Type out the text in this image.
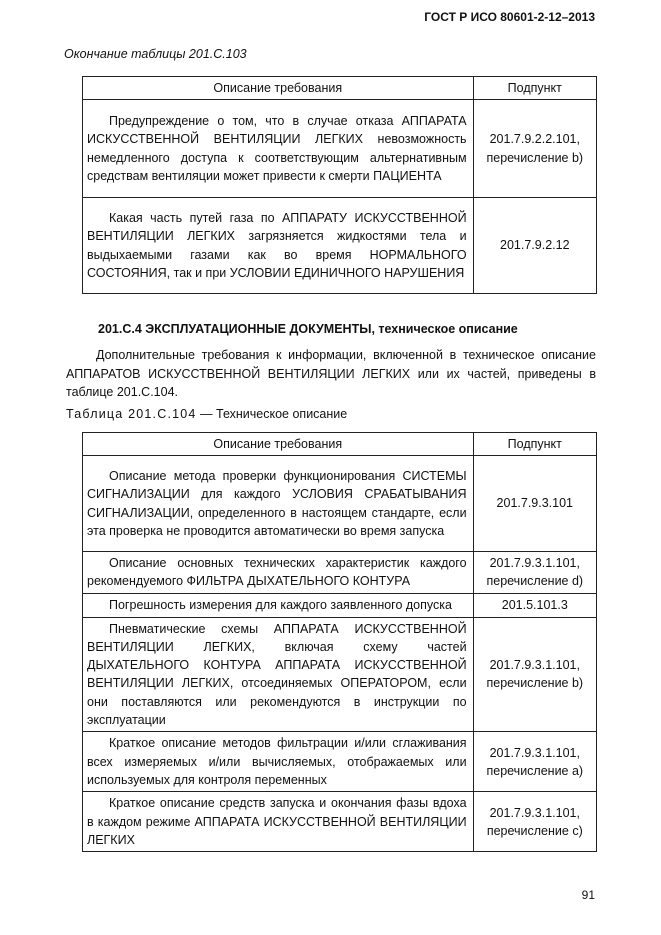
ГОСТ Р ИСО 80601-2-12–2013
Окончание таблицы 201.С.103
Описание требования	Подпункт
Предупреждение о том, что в случае отказа АППАРАТА ИСКУССТВЕННОЙ ВЕНТИЛЯЦИИ ЛЕГКИХ невозможность немедленного доступа к соответствующим альтернативным средствам вентиляции может привести к смерти ПАЦИЕНТА	201.7.9.2.2.101,
перечисление b)

Какая часть путей газа по АППАРАТУ ИСКУССТВЕННОЙ ВЕНТИЛЯЦИИ ЛЕГКИХ загрязняется жидкостями тела и выдыхаемыми газами как во время НОРМАЛЬНОГО СОСТОЯНИЯ, так и при УСЛОВИИ ЕДИНИЧНОГО НАРУШЕНИЯ	201.7.9.2.12
201.С.4 ЭКСПЛУАТАЦИОННЫЕ ДОКУМЕНТЫ, техническое описание
Дополнительные требования к информации, включенной в техническое описание АППАРАТОВ ИСКУССТВЕННОЙ ВЕНТИЛЯЦИИ ЛЕГКИХ или их частей, приведены в таблице 201.С.104.
Таблица 201.С.104 — Техническое описание
Описание требования	Подпункт
Описание метода проверки функционирования СИСТЕМЫ СИГНАЛИЗАЦИИ для каждого УСЛОВИЯ СРАБАТЫВАНИЯ СИГНАЛИЗАЦИИ, определенного в настоящем стандарте, если эта проверка не проводится автоматически во время запуска	201.7.9.3.101

Описание основных технических характеристик каждого рекомендуемого ФИЛЬТРА ДЫХАТЕЛЬНОГО КОНТУРА	201.7.9.3.1.101,
перечисление d)

Погрешность измерения для каждого заявленного допуска	201.5.101.3

Пневматические схемы АППАРАТА ИСКУССТВЕННОЙ ВЕНТИЛЯЦИИ ЛЕГКИХ, включая схему частей ДЫХАТЕЛЬНОГО КОНТУРА АППАРАТА ИСКУССТВЕННОЙ ВЕНТИЛЯЦИИ ЛЕГКИХ, отсоединяемых ОПЕРАТОРОМ, если они поставляются или рекомендуются в инструкции по эксплуатации	201.7.9.3.1.101,
перечисление b)

Краткое описание методов фильтрации и/или сглаживания всех измеряемых и/или вычисляемых, отображаемых или используемых для контроля переменных	201.7.9.3.1.101,
перечисление a)

Краткое описание средств запуска и окончания фазы вдоха в каждом режиме АППАРАТА ИСКУССТВЕННОЙ ВЕНТИЛЯЦИИ ЛЕГКИХ	201.7.9.3.1.101,
перечисление c)
91
